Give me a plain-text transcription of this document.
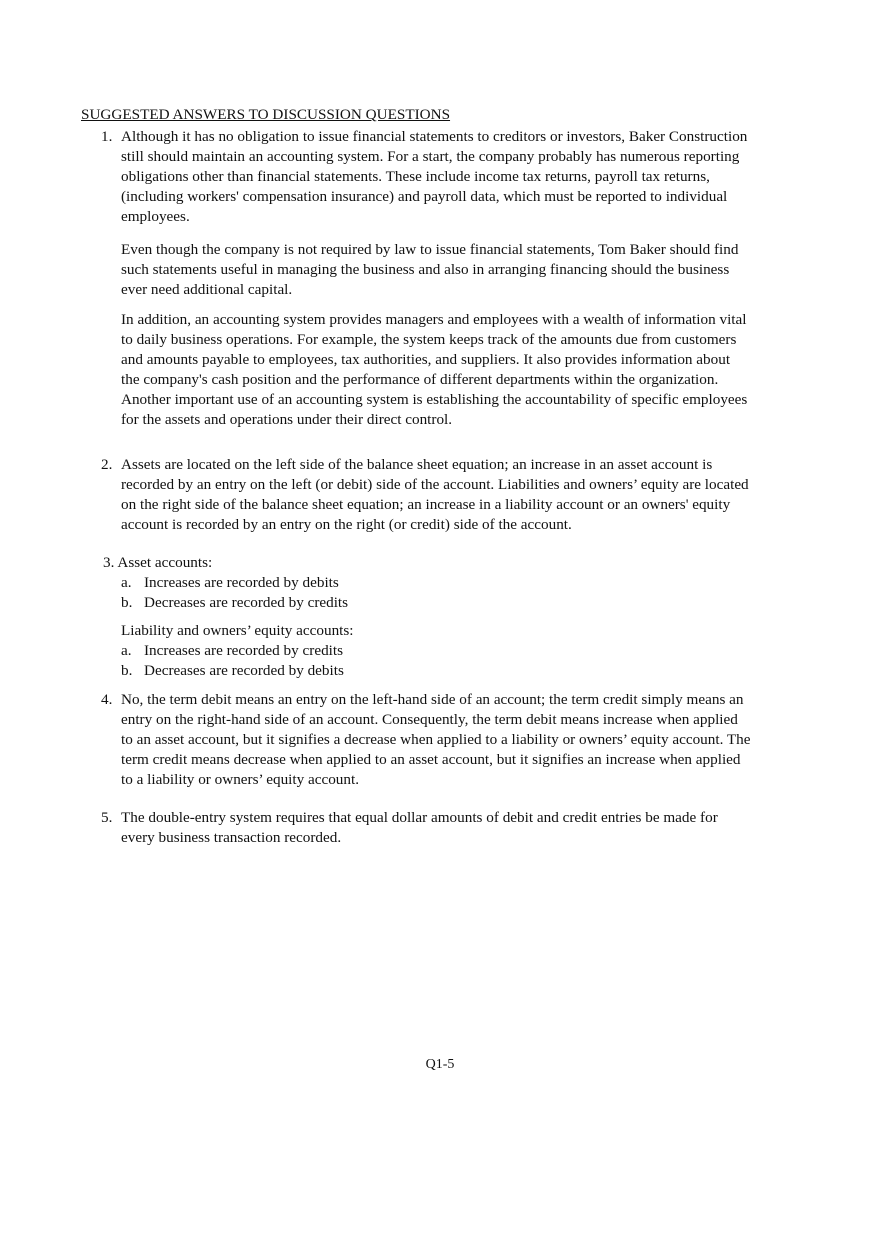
SUGGESTED ANSWERS TO DISCUSSION QUESTIONS
1. Although it has no obligation to issue financial statements to creditors or investors, Baker Construction still should maintain an accounting system. For a start, the company probably has numerous reporting obligations other than financial statements. These include income tax returns, payroll tax returns, (including workers' compensation insurance) and payroll data, which must be reported to individual employees.

Even though the company is not required by law to issue financial statements, Tom Baker should find such statements useful in managing the business and also in arranging financing should the business ever need additional capital.

In addition, an accounting system provides managers and employees with a wealth of information vital to daily business operations. For example, the system keeps track of the amounts due from customers and amounts payable to employees, tax authorities, and suppliers. It also provides information about the company's cash position and the performance of different departments within the organization. Another important use of an accounting system is establishing the accountability of specific employees for the assets and operations under their direct control.

2. Assets are located on the left side of the balance sheet equation; an increase in an asset account is recorded by an entry on the left (or debit) side of the account. Liabilities and owners’ equity are located on the right side of the balance sheet equation; an increase in a liability account or an owners' equity account is recorded by an entry on the right (or credit) side of the account.

3. Asset accounts:

a. Increases are recorded by debits
b. Decreases are recorded by credits

Liability and owners’ equity accounts:

a. Increases are recorded by credits
b. Decreases are recorded by debits
4. No, the term debit means an entry on the left-hand side of an account; the term credit simply means an entry on the right-hand side of an account. Consequently, the term debit means increase when applied to an asset account, but it signifies a decrease when applied to a liability or owners’ equity account. The term credit means decrease when applied to an asset account, but it signifies an increase when applied to a liability or owners’ equity account.

5. The double-entry system requires that equal dollar amounts of debit and credit entries be made for every business transaction recorded.

Q1-5
